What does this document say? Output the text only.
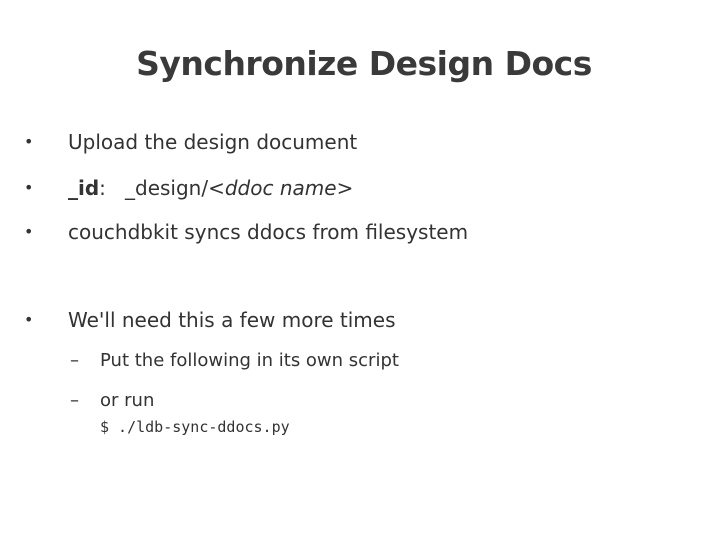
Synchronize Design Docs
• Upload the design document
• _id: _design/<ddoc name>
• couchdbkit syncs ddocs from filesystem
• We'll need this a few more times
– Put the following in its own script
– or run
$ ./ldb-sync-ddocs.py
